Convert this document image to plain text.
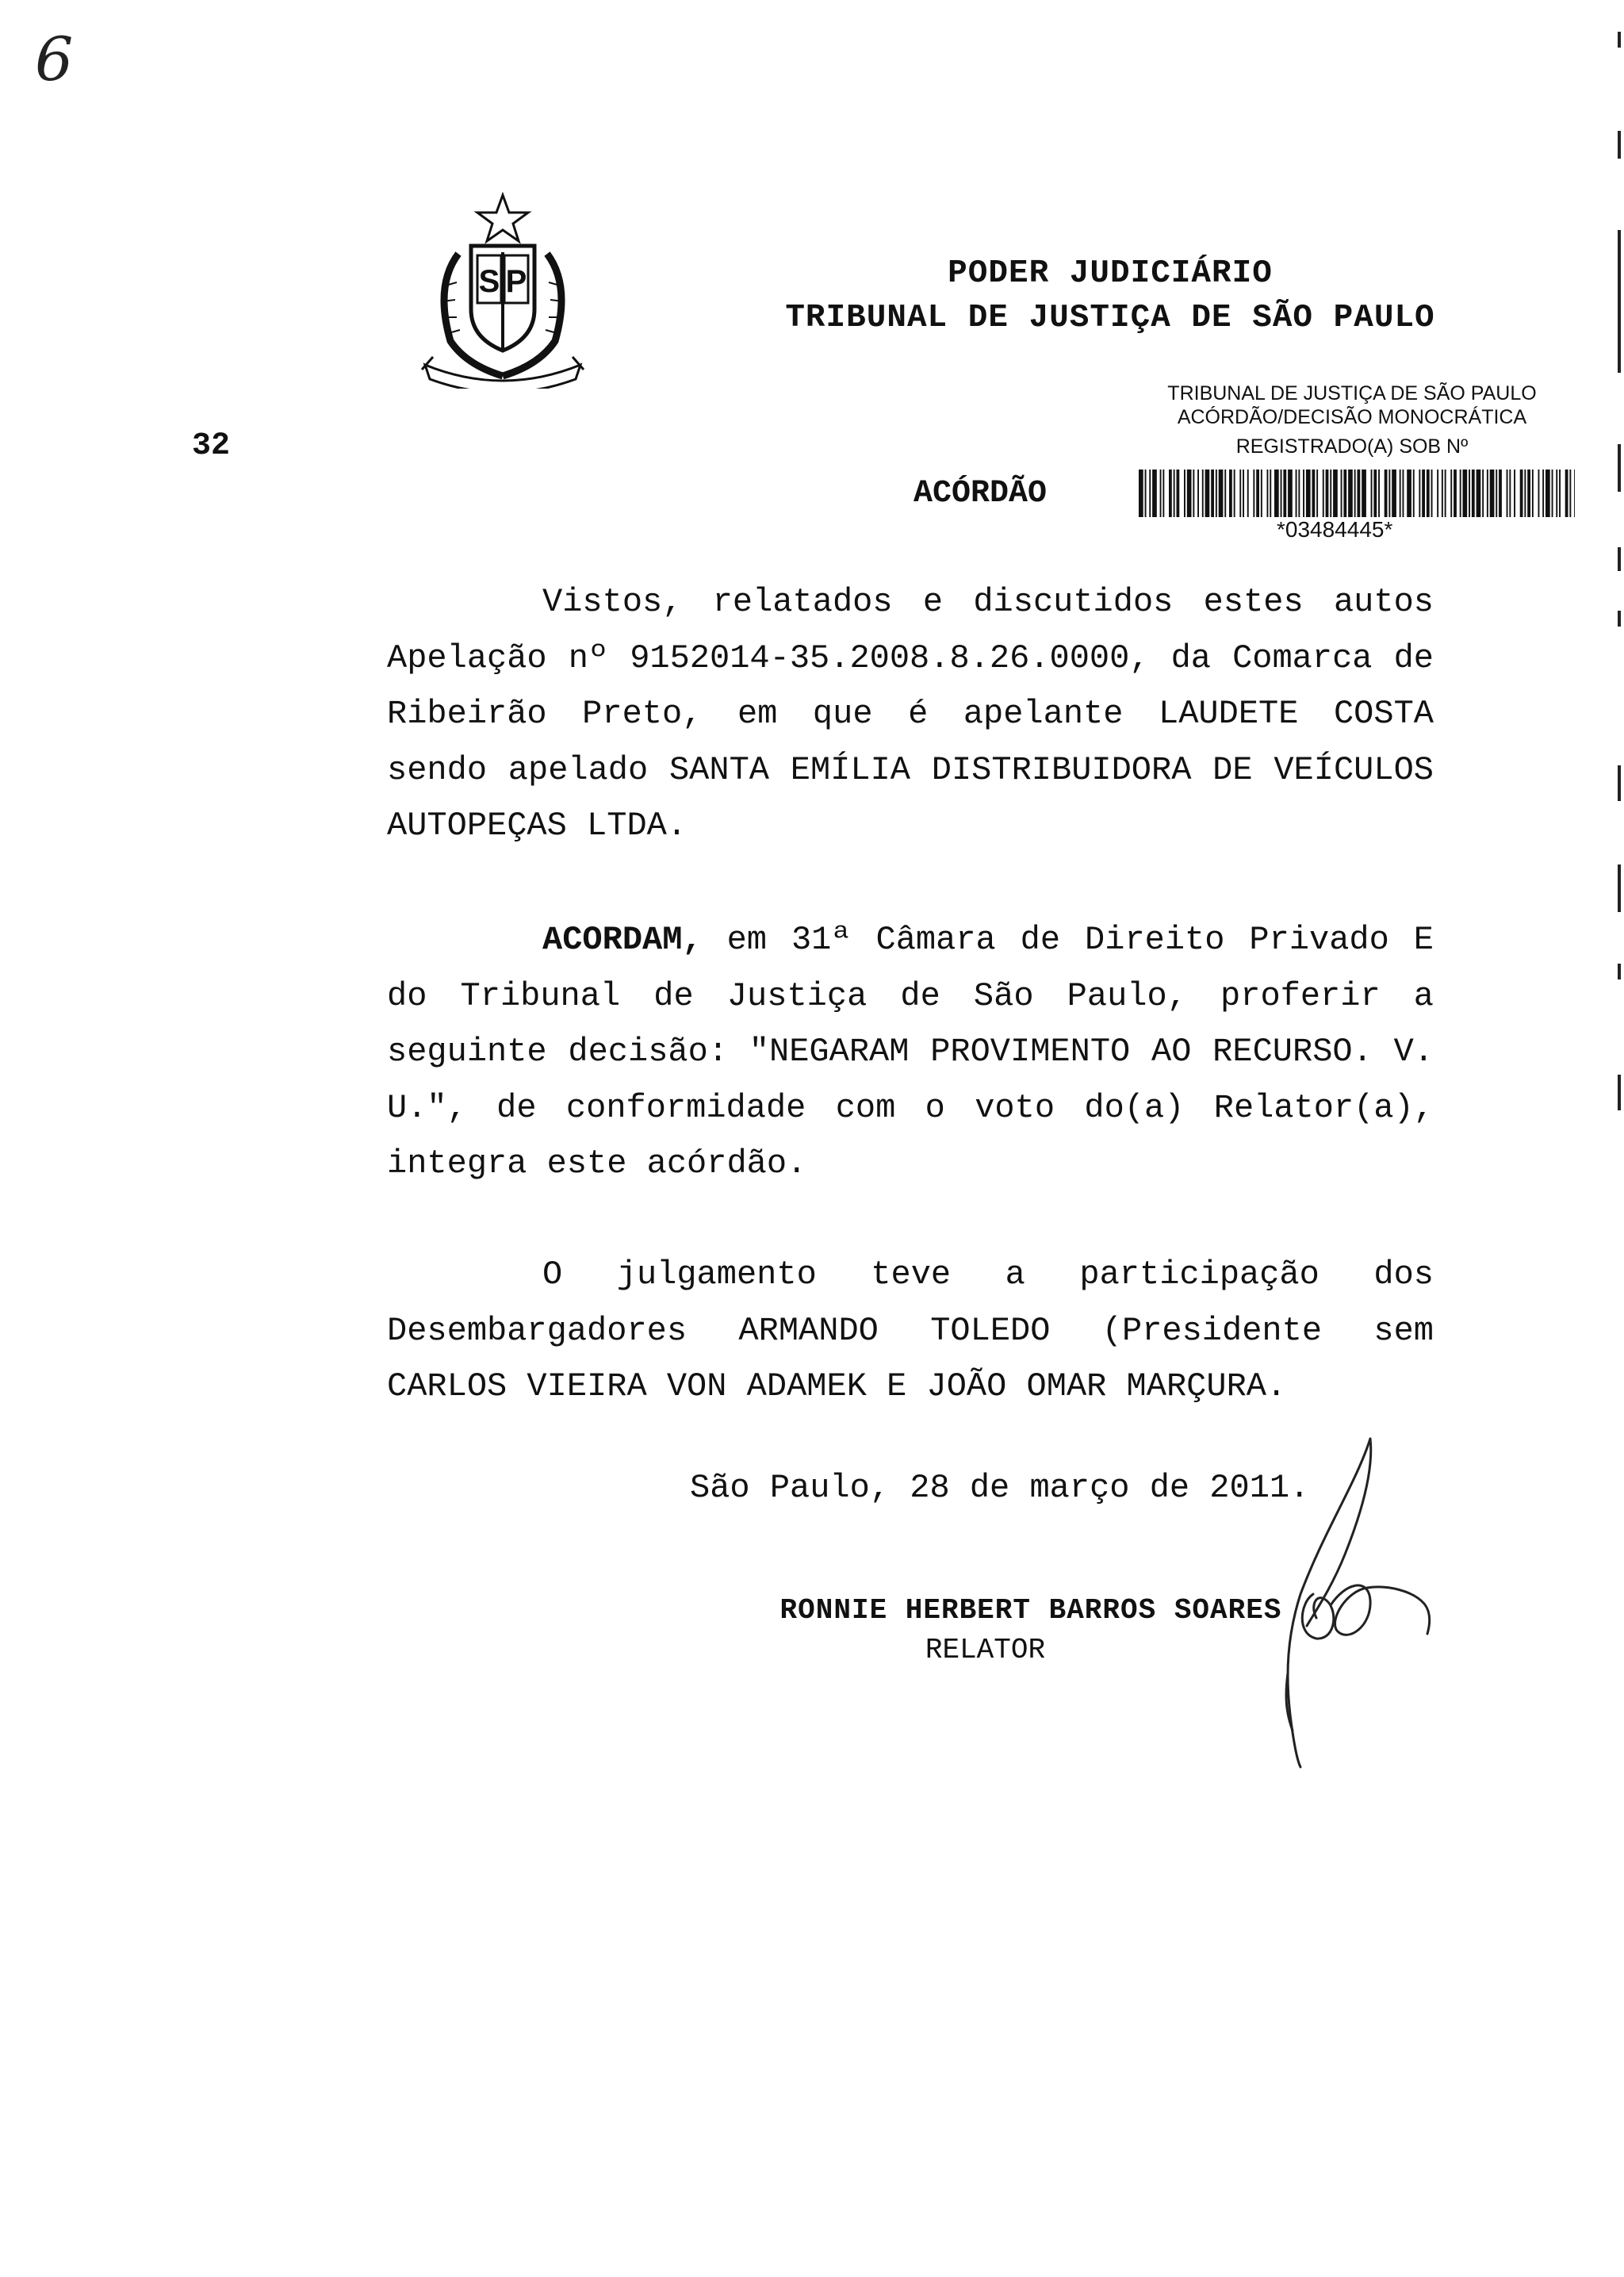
6
32
S P	PODER JUDICIÁRIO
TRIBUNAL DE JUSTIÇA DE SÃO PAULO
TRIBUNAL DE JUSTIÇA DE SÃO PAULO
ACÓRDÃO/DECISÃO MONOCRÁTICA
REGISTRADO(A) SOB Nº
ACÓRDÃO
*03484445*
Vistos, relatados e discutidos estes autos
Apelação nº 9152014-35.2008.8.26.0000, da Comarca de
Ribeirão Preto, em que é apelante LAUDETE COSTA
sendo apelado SANTA EMÍLIA DISTRIBUIDORA DE VEÍCULOS
AUTOPEÇAS LTDA.
ACORDAM, em 31ª Câmara de Direito Privado E
do Tribunal de Justiça de São Paulo, proferir a
seguinte decisão: "NEGARAM PROVIMENTO AO RECURSO. V.
U.", de conformidade com o voto do(a) Relator(a),
integra este acórdão.
O julgamento teve a participação dos
Desembargadores ARMANDO TOLEDO (Presidente sem
CARLOS VIEIRA VON ADAMEK E JOÃO OMAR MARÇURA.
São Paulo, 28 de março de 2011.
RONNIE HERBERT BARROS SOARES
RELATOR
